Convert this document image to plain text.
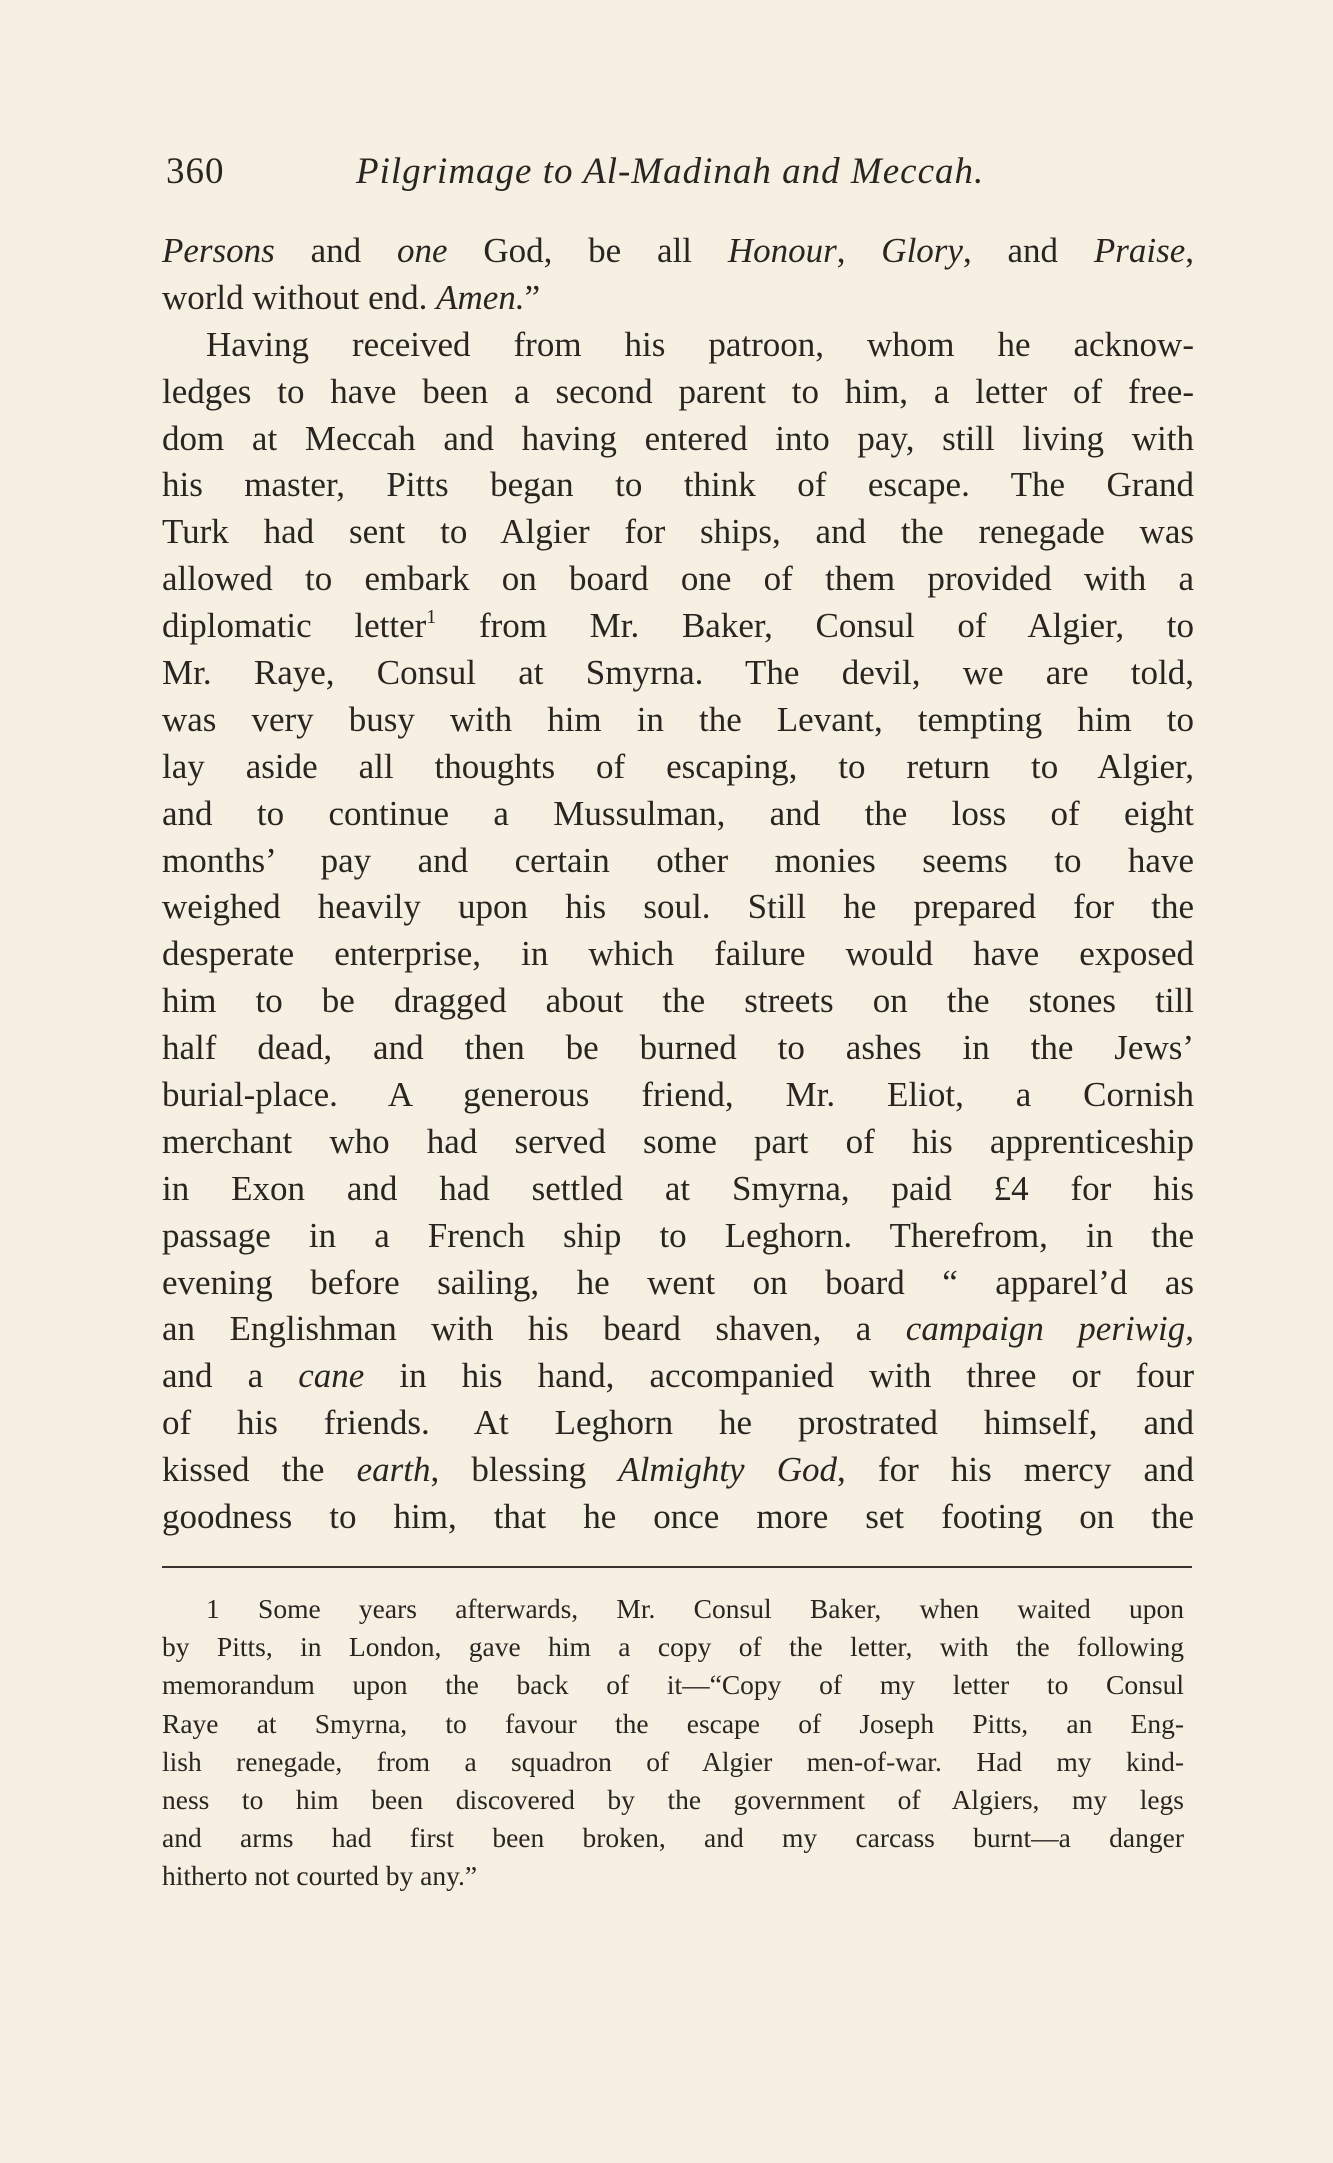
360	Pilgrimage to Al-Madinah and Meccah.
Persons and one God, be all Honour, Glory, and Praise,
world without end. Amen.”
Having received from his patroon, whom he acknow-
ledges to have been a second parent to him, a letter of free-
dom at Meccah and having entered into pay, still living with
his master, Pitts began to think of escape. The Grand
Turk had sent to Algier for ships, and the renegade was
allowed to embark on board one of them provided with a
diplomatic letter$^1$ from Mr. Baker, Consul of Algier, to
Mr. Raye, Consul at Smyrna. The devil, we are told,
was very busy with him in the Levant, tempting him to
lay aside all thoughts of escaping, to return to Algier,
and to continue a Mussulman, and the loss of eight
months’ pay and certain other monies seems to have
weighed heavily upon his soul. Still he prepared for the
desperate enterprise, in which failure would have exposed
him to be dragged about the streets on the stones till
half dead, and then be burned to ashes in the Jews’
burial-place. A generous friend, Mr. Eliot, a Cornish
merchant who had served some part of his apprenticeship
in Exon and had settled at Smyrna, paid £4 for his
passage in a French ship to Leghorn. Therefrom, in the
evening before sailing, he went on board “ apparel’d as
an Englishman with his beard shaven, a campaign periwig,
and a cane in his hand, accompanied with three or four
of his friends. At Leghorn he prostrated himself, and
kissed the earth, blessing Almighty God, for his mercy and
goodness to him, that he once more set footing on the
1 Some years afterwards, Mr. Consul Baker, when waited upon
by Pitts, in London, gave him a copy of the letter, with the following
memorandum upon the back of it—“Copy of my letter to Consul
Raye at Smyrna, to favour the escape of Joseph Pitts, an Eng-
lish renegade, from a squadron of Algier men-of-war. Had my kind-
ness to him been discovered by the government of Algiers, my legs
and arms had first been broken, and my carcass burnt—a danger
hitherto not courted by any.”
